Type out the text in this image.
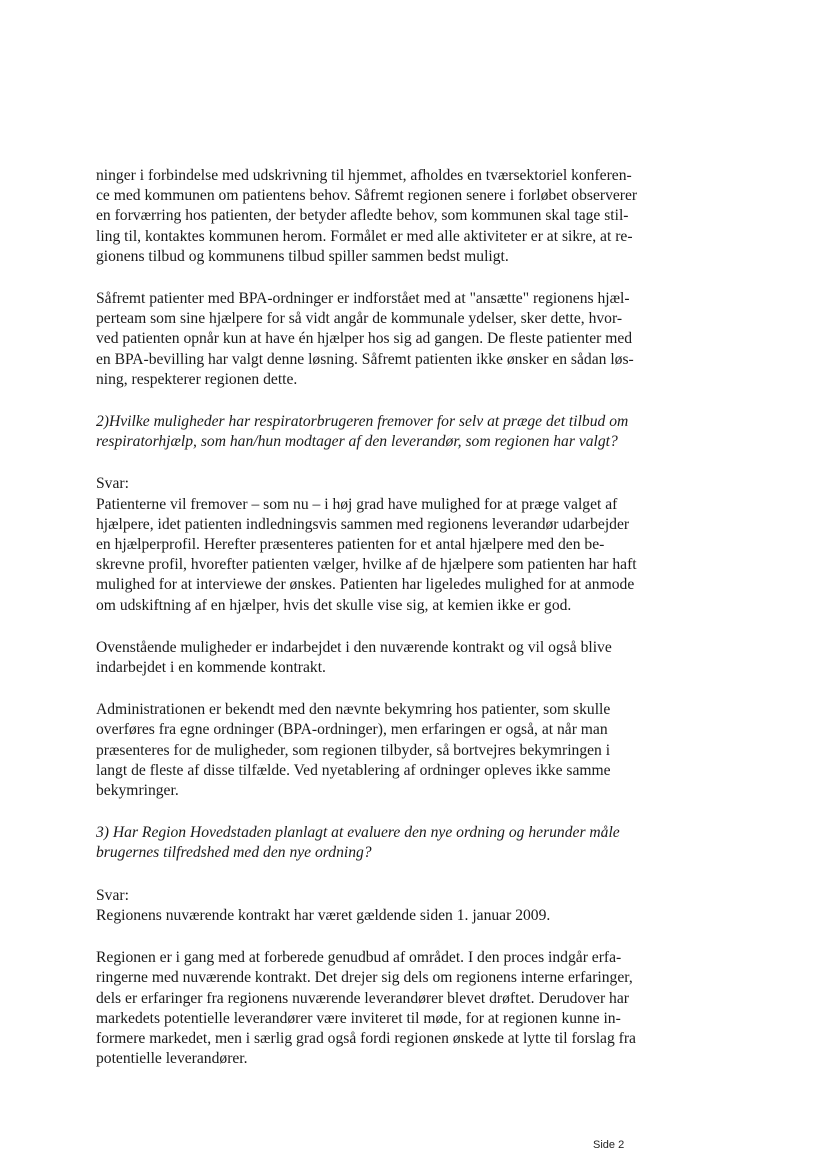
ninger i forbindelse med udskrivning til hjemmet, afholdes en tværsektoriel konferen-
ce med kommunen om patientens behov. Såfremt regionen senere i forløbet observerer
en forværring hos patienten, der betyder afledte behov, som kommunen skal tage stil-
ling til, kontaktes kommunen herom. Formålet er med alle aktiviteter er at sikre, at re-
gionens tilbud og kommunens tilbud spiller sammen bedst muligt.
Såfremt patienter med BPA-ordninger er indforstået med at "ansætte" regionens hjæl-
perteam som sine hjælpere for så vidt angår de kommunale ydelser, sker dette, hvor-
ved patienten opnår kun at have én hjælper hos sig ad gangen. De fleste patienter med
en BPA-bevilling har valgt denne løsning. Såfremt patienten ikke ønsker en sådan løs-
ning, respekterer regionen dette.
2)Hvilke muligheder har respiratorbrugeren fremover for selv at præge det tilbud om
respiratorhjælp, som han/hun modtager af den leverandør, som regionen har valgt?
Svar:
Patienterne vil fremover – som nu – i høj grad have mulighed for at præge valget af
hjælpere, idet patienten indledningsvis sammen med regionens leverandør udarbejder
en hjælperprofil. Herefter præsenteres patienten for et antal hjælpere med den be-
skrevne profil, hvorefter patienten vælger, hvilke af de hjælpere som patienten har haft
mulighed for at interviewe der ønskes. Patienten har ligeledes mulighed for at anmode
om udskiftning af en hjælper, hvis det skulle vise sig, at kemien ikke er god.
Ovenstående muligheder er indarbejdet i den nuværende kontrakt og vil også blive
indarbejdet i en kommende kontrakt.
Administrationen er bekendt med den nævnte bekymring hos patienter, som skulle
overføres fra egne ordninger (BPA-ordninger), men erfaringen er også, at når man
præsenteres for de muligheder, som regionen tilbyder, så bortvejres bekymringen i
langt de fleste af disse tilfælde. Ved nyetablering af ordninger opleves ikke samme
bekymringer.
3) Har Region Hovedstaden planlagt at evaluere den nye ordning og herunder måle
brugernes tilfredshed med den nye ordning?
Svar:
Regionens nuværende kontrakt har været gældende siden 1. januar 2009.
Regionen er i gang med at forberede genudbud af området. I den proces indgår erfa-
ringerne med nuværende kontrakt. Det drejer sig dels om regionens interne erfaringer,
dels er erfaringer fra regionens nuværende leverandører blevet drøftet. Derudover har
markedets potentielle leverandører være inviteret til møde, for at regionen kunne in-
formere markedet, men i særlig grad også fordi regionen ønskede at lytte til forslag fra
potentielle leverandører.
Side 2
